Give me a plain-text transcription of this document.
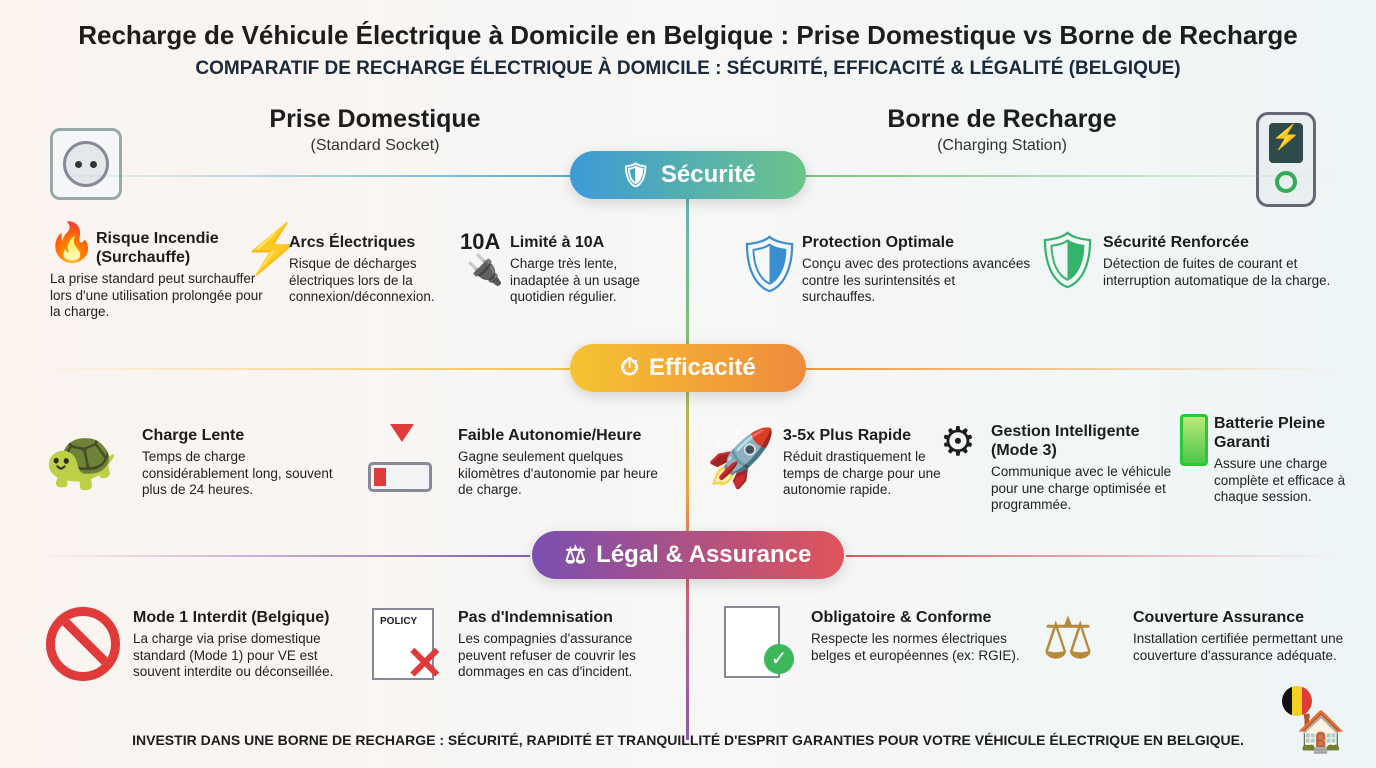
Recharge de Véhicule Électrique à Domicile en Belgique : Prise Domestique vs Borne de Recharge
COMPARATIF DE RECHARGE ÉLECTRIQUE À DOMICILE : SÉCURITÉ, EFFICACITÉ & LÉGALITÉ (BELGIQUE)
Prise Domestique
(Standard Socket)
Borne de Recharge
(Charging Station)	⚡
🛡 Sécurité
⏱ Efficacité
⚖ Légal & Assurance
🔥 Risque Incendie (Surchauffe)

La prise standard peut surchauffer lors d'une utilisation prolongée pour la charge.

⚡
Arcs Électriques

Risque de décharges électriques lors de la connexion/déconnexion.

10A
🔌
Limité à 10A

Charge très lente, inadaptée à un usage quotidien régulier.

🛡
Protection Optimale

Conçu avec des protections avancées contre les surintensités et surchauffes.

🛡 Sécurité Renforcée

Détection de fuites de courant et interruption automatique de la charge.

🐢 Charge Lente

Temps de charge considérablement long, souvent plus de 24 heures.

Faible Autonomie/Heure

Gagne seulement quelques kilomètres d'autonomie par heure de charge.

🚀 3-5x Plus Rapide

Réduit drastiquement le temps de charge pour une autonomie rapide.

⚙ Gestion Intelligente (Mode 3)

Communique avec le véhicule pour une charge optimisée et programmée.

Batterie Pleine Garanti

Assure une charge complète et efficace à chaque session.

Mode 1 Interdit (Belgique)

La charge via prise domestique standard (Mode 1) pour VE est souvent interdite ou déconseillée.

POLICY
✕
Pas d'Indemnisation

Les compagnies d'assurance peuvent refuser de couvrir les dommages en cas d'incident.

✓
Obligatoire & Conforme

Respecte les normes électriques belges et européennes (ex: RGIE). ⚖ Couverture Assurance

Installation certifiée permettant une couverture d'assurance adéquate.

🏠
INVESTIR DANS UNE BORNE DE RECHARGE : SÉCURITÉ, RAPIDITÉ ET TRANQUILLITÉ D'ESPRIT GARANTIES POUR VOTRE VÉHICULE ÉLECTRIQUE EN BELGIQUE.
